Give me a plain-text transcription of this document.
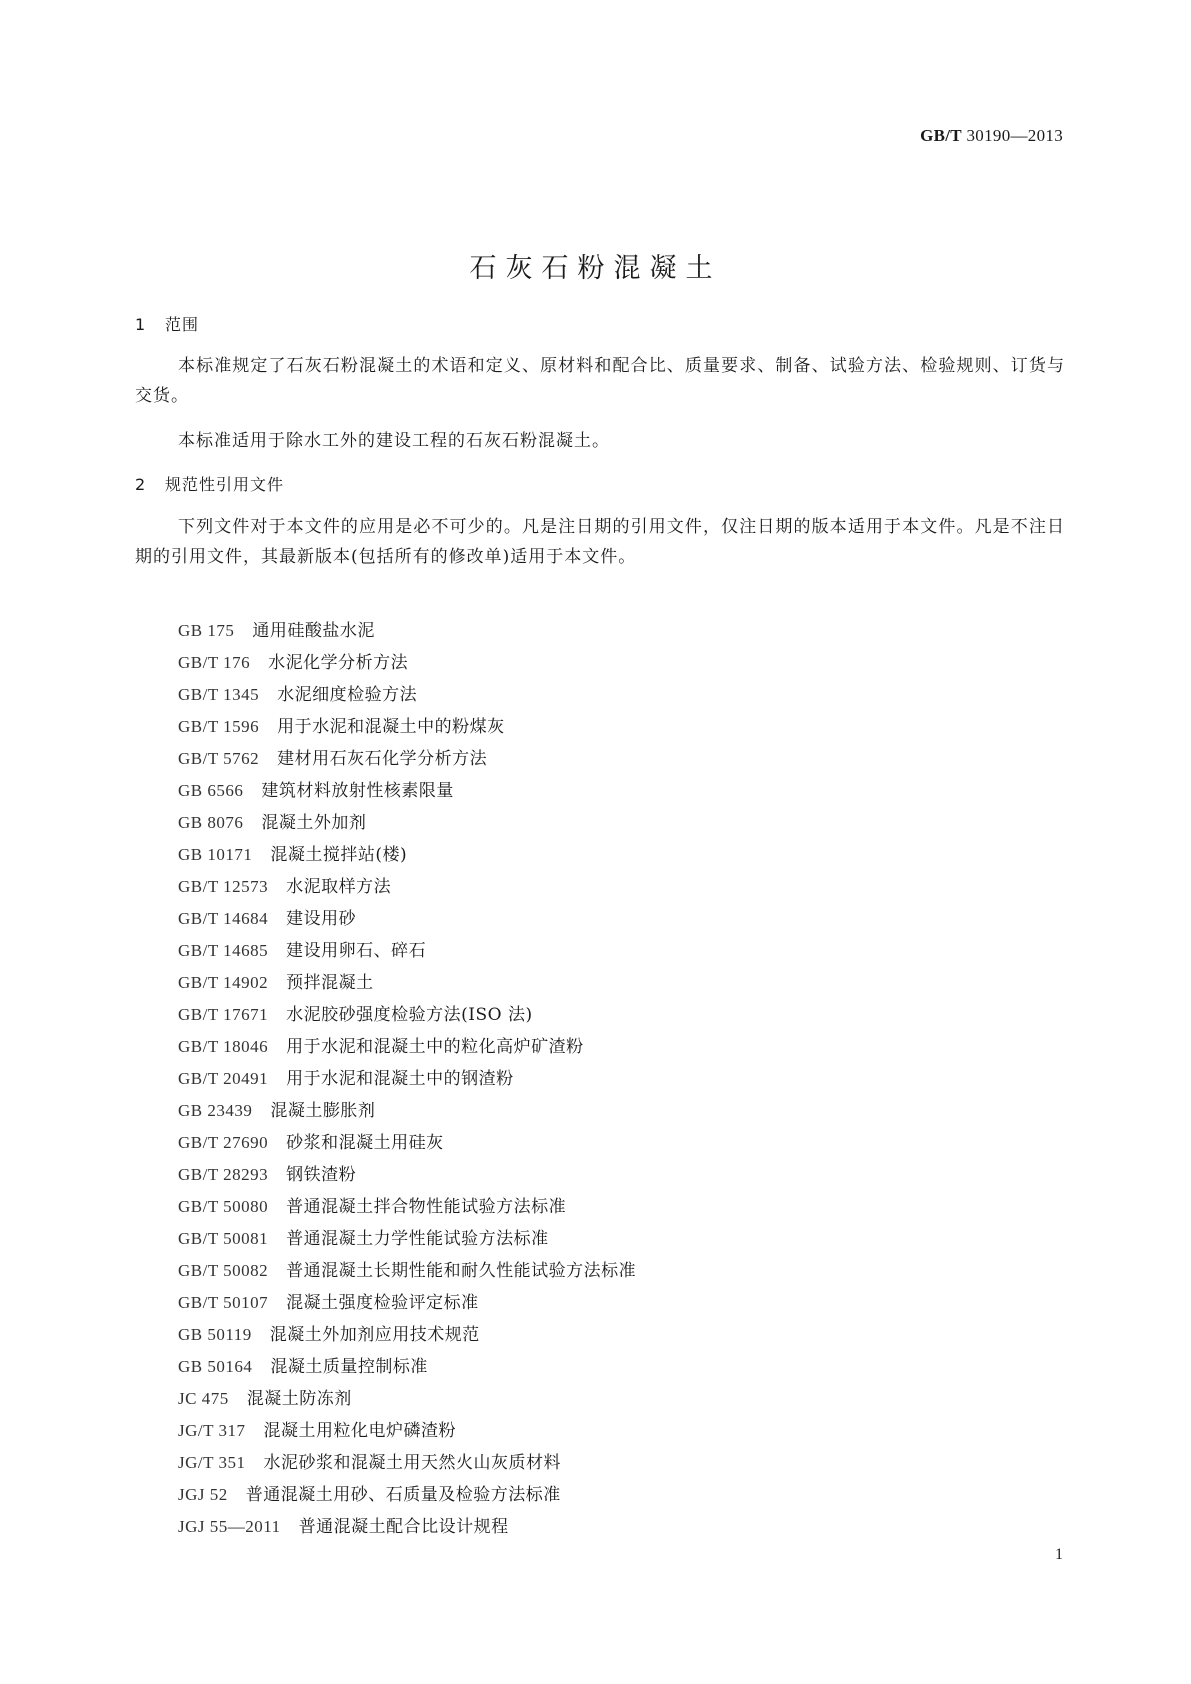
GB/T 30190—2013
石灰石粉混凝土
1 范围

本标准规定了石灰石粉混凝土的术语和定义、原材料和配合比、质量要求、制备、试验方法、检验规则、订货与交货。

本标准适用于除水工外的建设工程的石灰石粉混凝土。

2 规范性引用文件

下列文件对于本文件的应用是必不可少的。凡是注日期的引用文件，仅注日期的版本适用于本文件。凡是不注日期的引用文件，其最新版本(包括所有的修改单)适用于本文件。

GB 175 通用硅酸盐水泥
GB/T 176 水泥化学分析方法
GB/T 1345 水泥细度检验方法
GB/T 1596 用于水泥和混凝土中的粉煤灰
GB/T 5762 建材用石灰石化学分析方法
GB 6566 建筑材料放射性核素限量
GB 8076 混凝土外加剂
GB 10171 混凝土搅拌站(楼)
GB/T 12573 水泥取样方法
GB/T 14684 建设用砂
GB/T 14685 建设用卵石、碎石
GB/T 14902 预拌混凝土
GB/T 17671 水泥胶砂强度检验方法(ISO 法)
GB/T 18046 用于水泥和混凝土中的粒化高炉矿渣粉
GB/T 20491 用于水泥和混凝土中的钢渣粉
GB 23439 混凝土膨胀剂
GB/T 27690 砂浆和混凝土用硅灰
GB/T 28293 钢铁渣粉
GB/T 50080 普通混凝土拌合物性能试验方法标准
GB/T 50081 普通混凝土力学性能试验方法标准
GB/T 50082 普通混凝土长期性能和耐久性能试验方法标准
GB/T 50107 混凝土强度检验评定标准
GB 50119 混凝土外加剂应用技术规范
GB 50164 混凝土质量控制标准
JC 475 混凝土防冻剂
JG/T 317 混凝土用粒化电炉磷渣粉
JG/T 351 水泥砂浆和混凝土用天然火山灰质材料
JGJ 52 普通混凝土用砂、石质量及检验方法标准
JGJ 55—2011 普通混凝土配合比设计规程
1
